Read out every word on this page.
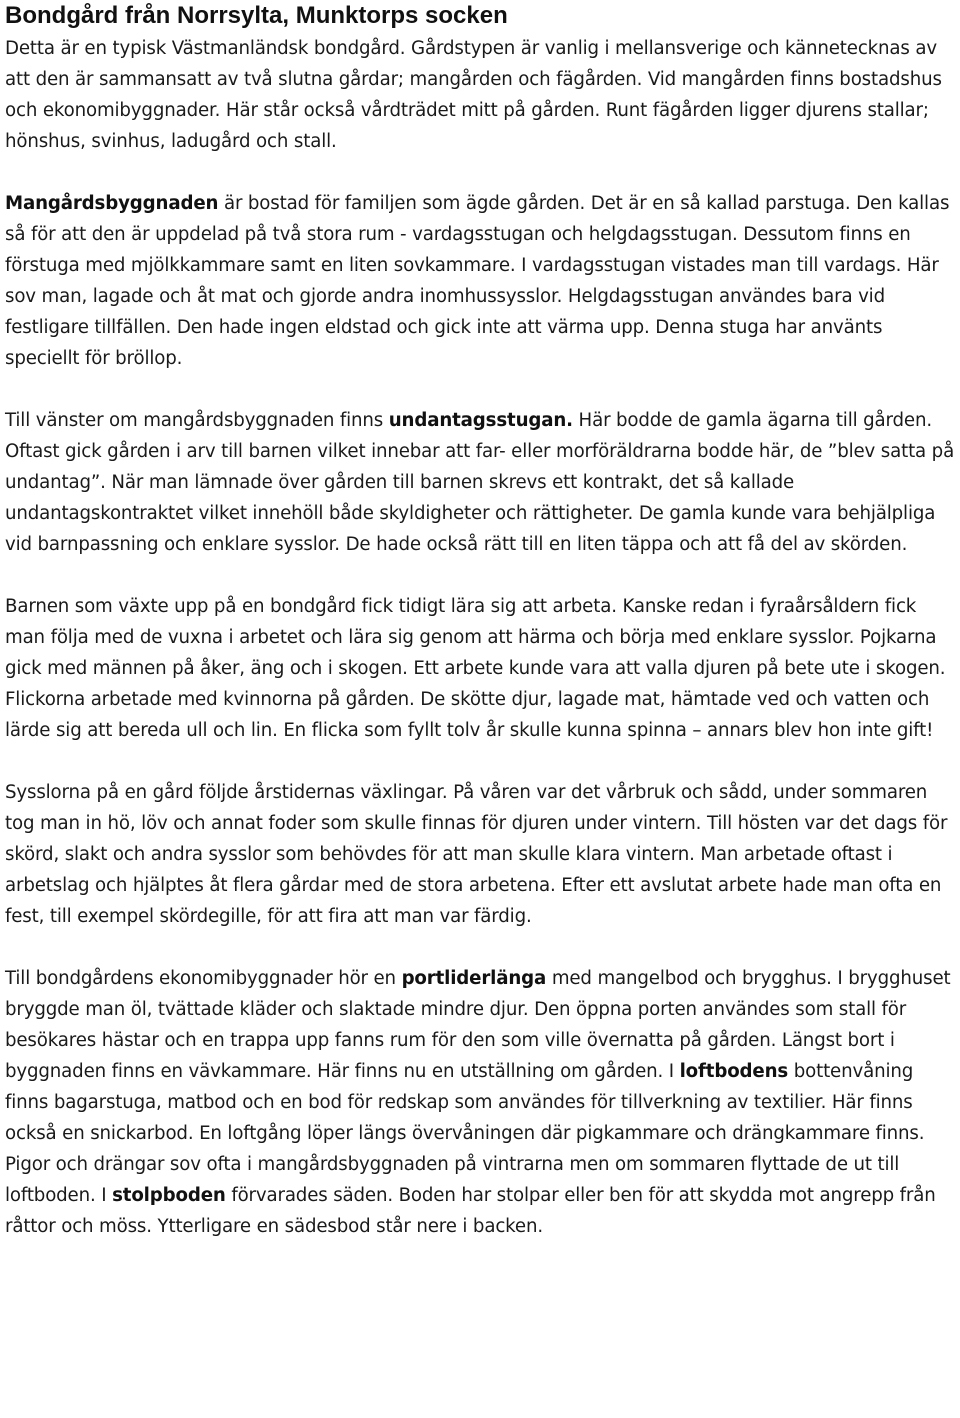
Bondgård från Norrsylta, Munktorps socken

Detta är en typisk Västmanländsk bondgård. Gårdstypen är vanlig i mellansverige och kännetecknas av att den är sammansatt av två slutna gårdar; mangården och fägården. Vid mangården finns bostadshus och ekonomibyggnader. Här står också vårdträdet mitt på gården. Runt fägården ligger djurens stallar; hönshus, svinhus, ladugård och stall.

Mangårdsbyggnaden är bostad för familjen som ägde gården. Det är en så kallad parstuga. Den kallas så för att den är uppdelad på två stora rum - vardagsstugan och helgdagsstugan. Dessutom finns en förstuga med mjölkkammare samt en liten sovkammare. I vardagsstugan vistades man till vardags. Här sov man, lagade och åt mat och gjorde andra inomhussysslor. Helgdagsstugan användes bara vid festligare tillfällen. Den hade ingen eldstad och gick inte att värma upp. Denna stuga har använts speciellt för bröllop.

Till vänster om mangårdsbyggnaden finns undantagsstugan. Här bodde de gamla ägarna till gården. Oftast gick gården i arv till barnen vilket innebar att far- eller morföräldrarna bodde här, de ”blev satta på undantag”. När man lämnade över gården till barnen skrevs ett kontrakt, det så kallade undantagskontraktet vilket innehöll både skyldigheter och rättigheter. De gamla kunde vara behjälpliga vid barnpassning och enklare sysslor. De hade också rätt till en liten täppa och att få del av skörden.

Barnen som växte upp på en bondgård fick tidigt lära sig att arbeta. Kanske redan i fyraårsåldern fick man följa med de vuxna i arbetet och lära sig genom att härma och börja med enklare sysslor. Pojkarna gick med männen på åker, äng och i skogen. Ett arbete kunde vara att valla djuren på bete ute i skogen. Flickorna arbetade med kvinnorna på gården. De skötte djur, lagade mat, hämtade ved och vatten och lärde sig att bereda ull och lin. En flicka som fyllt tolv år skulle kunna spinna – annars blev hon inte gift!

Sysslorna på en gård följde årstidernas växlingar. På våren var det vårbruk och sådd, under sommaren tog man in hö, löv och annat foder som skulle finnas för djuren under vintern. Till hösten var det dags för skörd, slakt och andra sysslor som behövdes för att man skulle klara vintern. Man arbetade oftast i arbetslag och hjälptes åt flera gårdar med de stora arbetena. Efter ett avslutat arbete hade man ofta en fest, till exempel skördegille, för att fira att man var färdig.

Till bondgårdens ekonomibyggnader hör en portliderlänga med mangelbod och brygghus. I brygghuset bryggde man öl, tvättade kläder och slaktade mindre djur. Den öppna porten användes som stall för besökares hästar och en trappa upp fanns rum för den som ville övernatta på gården. Längst bort i byggnaden finns en vävkammare. Här finns nu en utställning om gården. I loftbodens bottenvåning finns bagarstuga, matbod och en bod för redskap som användes för tillverkning av textilier. Här finns också en snickarbod. En loftgång löper längs övervåningen där pigkammare och drängkammare finns. Pigor och drängar sov ofta i mangårdsbyggnaden på vintrarna men om sommaren flyttade de ut till loftboden. I stolpboden förvarades säden. Boden har stolpar eller ben för att skydda mot angrepp från råttor och möss. Ytterligare en sädesbod står nere i backen.
